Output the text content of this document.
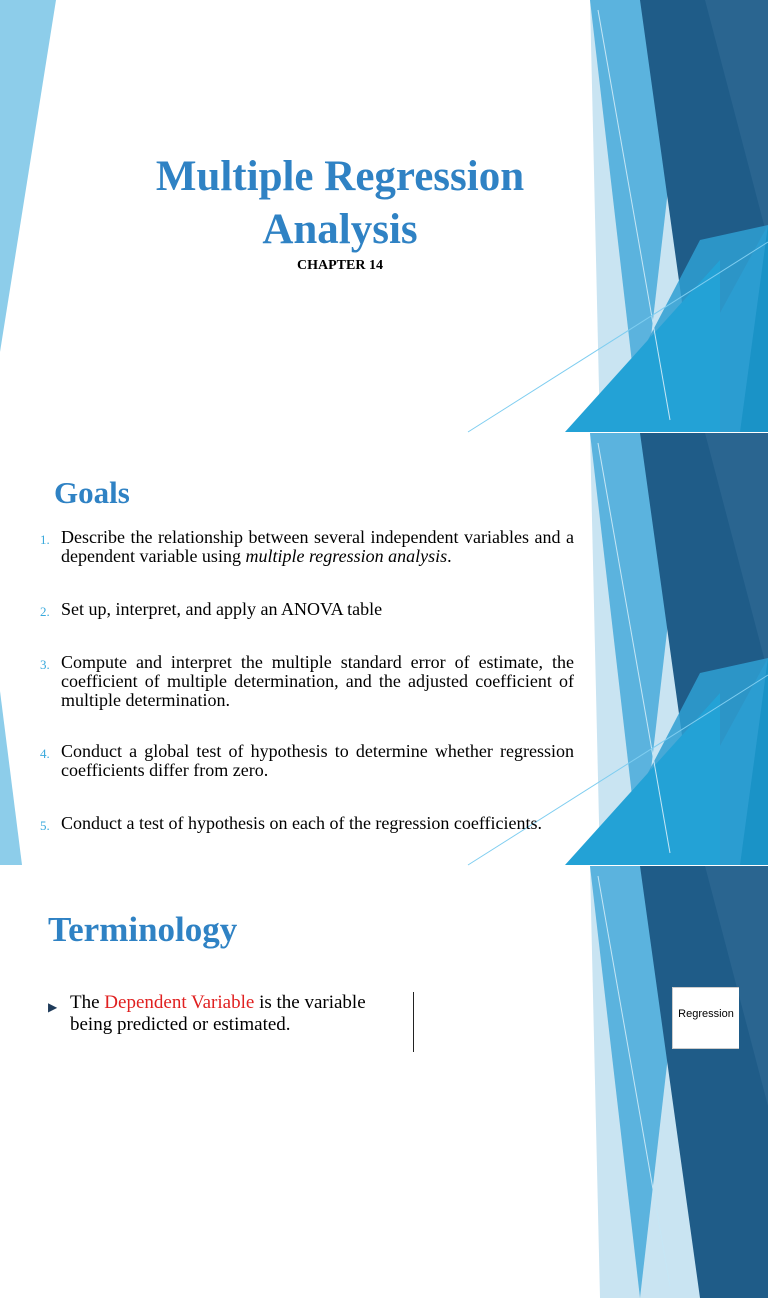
Multiple Regression
Analysis
CHAPTER 14
Goals
1. Describe the relationship between several independent variables and a dependent variable using multiple regression analysis.
2. Set up, interpret, and apply an ANOVA table
3. Compute and interpret the multiple standard error of estimate, the coefficient of multiple determination, and the adjusted coefficient of multiple determination.
4. Conduct a global test of hypothesis to determine whether regression coefficients differ from zero.
5. Conduct a test of hypothesis on each of the regression coefficients.
Terminology
▶ The Dependent Variable is the variable being predicted or estimated.	Regression
